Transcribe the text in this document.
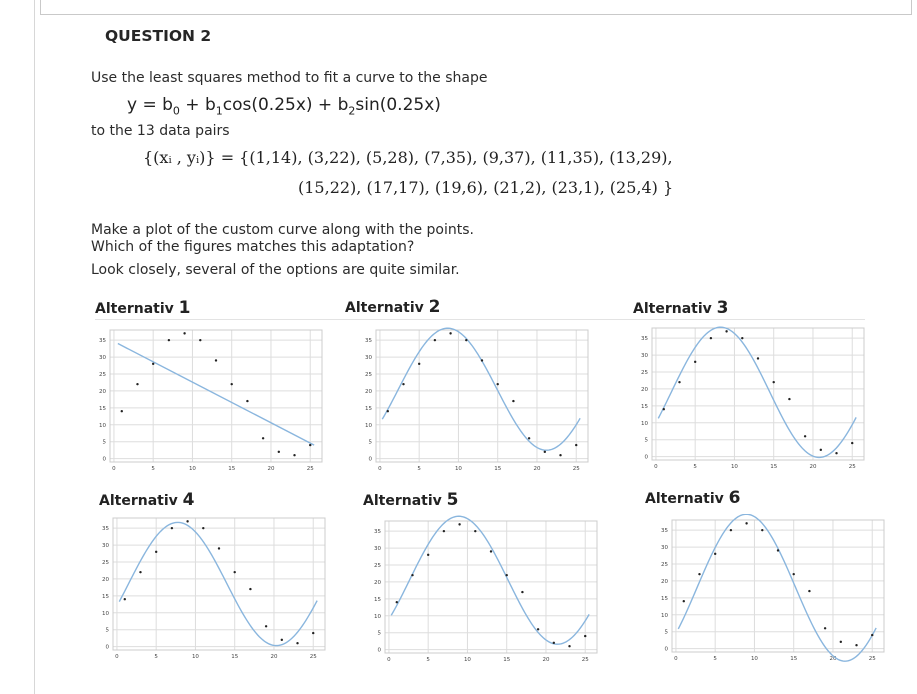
QUESTION 2
Use the least squares method to fit a curve to the shape
$y = b_0 + b_1\cos(0.25x) + b_2\sin(0.25x)$
to the 13 data pairs
{(xᵢ , yᵢ)} = {(1,14), (3,22), (5,28), (7,35), (9,37), (11,35), (13,29),
(15,22), (17,17), (19,6), (21,2), (23,1), (25,4) }
Make a plot of the custom curve along with the points.
Which of the figures matches this adaptation?
Look closely, several of the options are quite similar.
Alternativ 1	Alternativ 2	Alternativ 3
Alternativ 4	Alternativ 5	Alternativ 6
0
5
10
15
20
25
30
35
0	5	10	15	20	25
0
5
10
15
20
25
30
35
0	5	10	15	20	25
0
5
10
15
20
25
30
35
0	5	10	15	20	25
0
5
10
15
20
25
30
35
0	5	10	15	20	25
0
5
10
15
20
25
30
35
0	5	10	15	20	25
0
5
10
15
20
25
30
35
0	5	10	15	20	25
